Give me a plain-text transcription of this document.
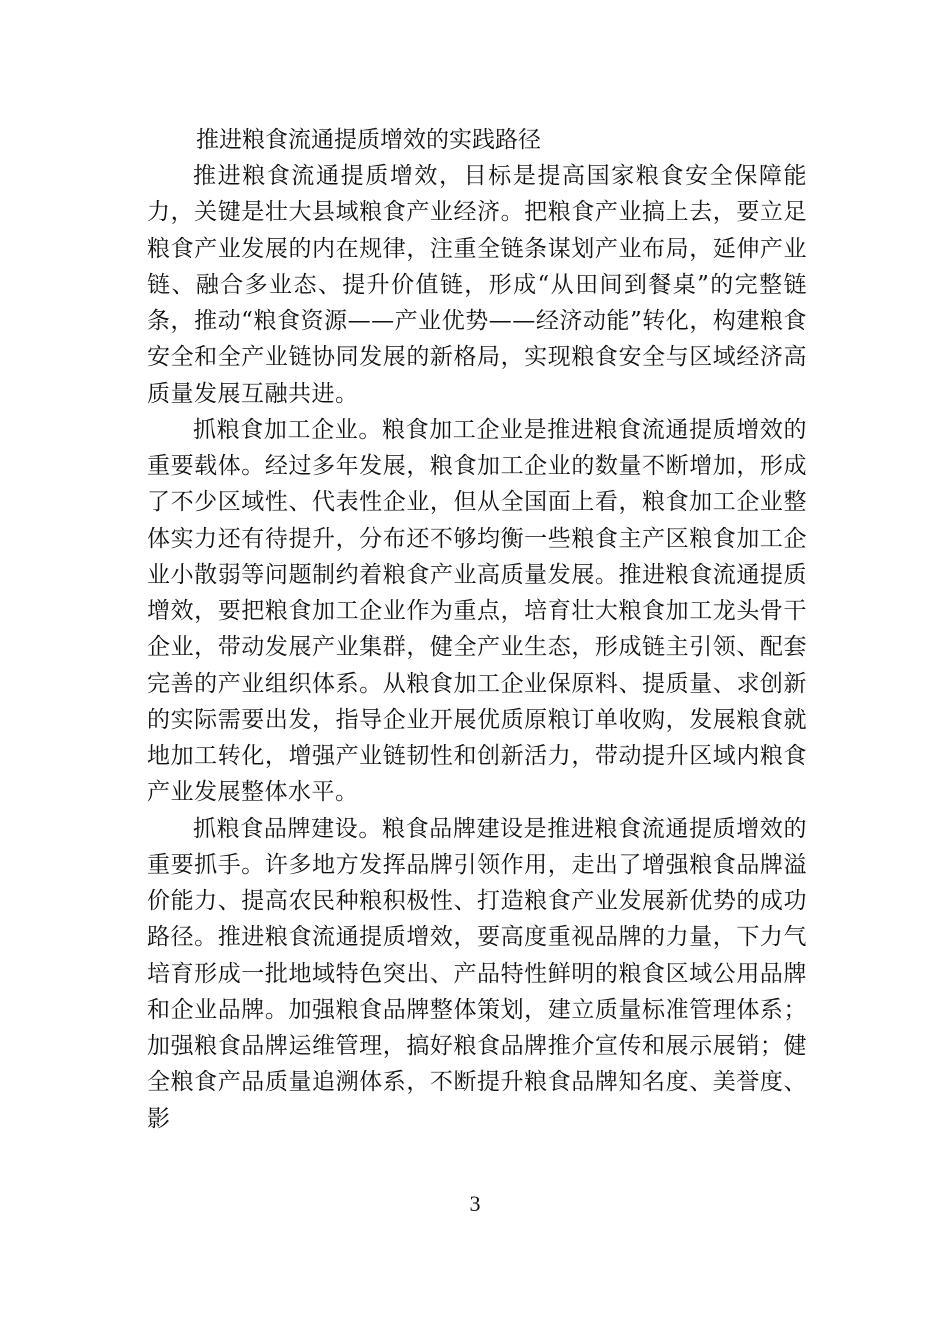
推进粮食流通提质增效的实践路径

推进粮食流通提质增效，目标是提高国家粮食安全保障能力，关键是壮大县域粮食产业经济。把粮食产业搞上去，要立足粮食产业发展的内在规律，注重全链条谋划产业布局，延伸产业链、融合多业态、提升价值链，形成“从田间到餐桌”的完整链条，推动“粮食资源——产业优势——经济动能”转化，构建粮食安全和全产业链协同发展的新格局，实现粮食安全与区域经济高质量发展互融共进。

抓粮食加工企业。粮食加工企业是推进粮食流通提质增效的重要载体。经过多年发展，粮食加工企业的数量不断增加，形成了不少区域性、代表性企业，但从全国面上看，粮食加工企业整体实力还有待提升，分布还不够均衡一些粮食主产区粮食加工企业小散弱等问题制约着粮食产业高质量发展。推进粮食流通提质增效，要把粮食加工企业作为重点，培育壮大粮食加工龙头骨干企业，带动发展产业集群，健全产业生态，形成链主引领、配套完善的产业组织体系。从粮食加工企业保原料、提质量、求创新的实际需要出发，指导企业开展优质原粮订单收购，发展粮食就地加工转化，增强产业链韧性和创新活力，带动提升区域内粮食产业发展整体水平。

抓粮食品牌建设。粮食品牌建设是推进粮食流通提质增效的重要抓手。许多地方发挥品牌引领作用，走出了增强粮食品牌溢价能力、提高农民种粮积极性、打造粮食产业发展新优势的成功路径。推进粮食流通提质增效，要高度重视品牌的力量，下力气培育形成一批地域特色突出、产品特性鲜明的粮食区域公用品牌和企业品牌。加强粮食品牌整体策划，建立质量标准管理体系；加强粮食品牌运维管理，搞好粮食品牌推介宣传和展示展销；健全粮食产品质量追溯体系，不断提升粮食品牌知名度、美誉度、影

3
